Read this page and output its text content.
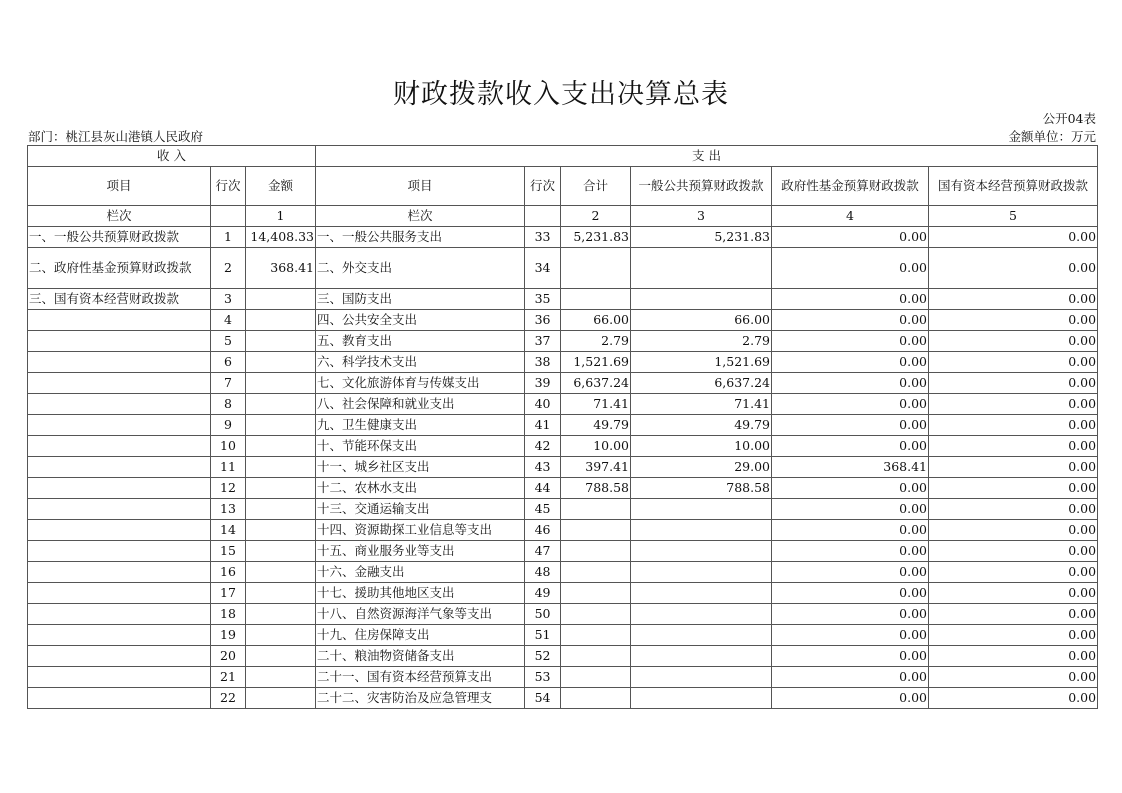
财政拨款收入支出决算总表
公开04表
部门：桃江县灰山港镇人民政府	金额单位：万元
收 入			支 出					
项目	行次	金额	项目	行次	合计	一般公共预算财政拨款	政府性基金预算财政拨款	国有资本经营预算财政拨款
栏次		1	栏次		2	3	4	5
一、一般公共预算财政拨款	1	14,408.33	一、一般公共服务支出	33	5,231.83	5,231.83	0.00	0.00
二、政府性基金预算财政拨款	2	368.41	二、外交支出	34			0.00	0.00
三、国有资本经营财政拨款	3		三、国防支出	35			0.00	0.00
	4		四、公共安全支出	36	66.00	66.00	0.00	0.00
	5		五、教育支出	37	2.79	2.79	0.00	0.00
	6		六、科学技术支出	38	1,521.69	1,521.69	0.00	0.00
	7		七、文化旅游体育与传媒支出	39	6,637.24	6,637.24	0.00	0.00
	8		八、社会保障和就业支出	40	71.41	71.41	0.00	0.00
	9		九、卫生健康支出	41	49.79	49.79	0.00	0.00
	10		十、节能环保支出	42	10.00	10.00	0.00	0.00
	11		十一、城乡社区支出	43	397.41	29.00	368.41	0.00
	12		十二、农林水支出	44	788.58	788.58	0.00	0.00
	13		十三、交通运输支出	45			0.00	0.00
	14		十四、资源勘探工业信息等支出	46			0.00	0.00
	15		十五、商业服务业等支出	47			0.00	0.00
	16		十六、金融支出	48			0.00	0.00
	17		十七、援助其他地区支出	49			0.00	0.00
	18		十八、自然资源海洋气象等支出	50			0.00	0.00
	19		十九、住房保障支出	51			0.00	0.00
	20		二十、粮油物资储备支出	52			0.00	0.00
	21		二十一、国有资本经营预算支出	53			0.00	0.00
	22		二十二、灾害防治及应急管理支	54			0.00	0.00
